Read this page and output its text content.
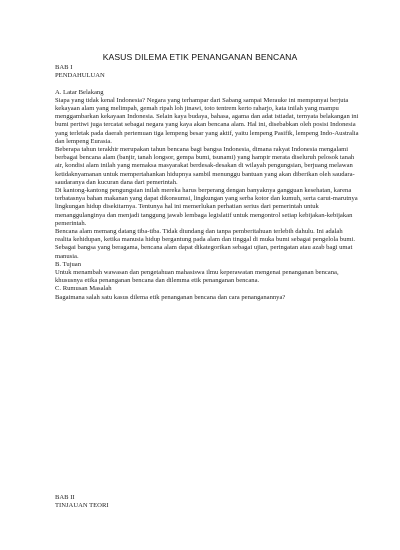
KASUS DILEMA ETIK PENANGANAN BENCANA
BAB I
PENDAHULUAN
A. Latar Belakang
Siapa yang tidak kenal Indonesia? Negara yang terhampar dari Sabang sampai Merauke ini mempunyai berjuta kekayaan alam yang melimpah, gemah ripah loh jinawi, toto tentrem kerto raharjo, kata inilah yang mampu menggambarkan kekayaan Indonesia. Selain kaya budaya, bahasa, agama dan adat istiadat, ternyata belakangan ini bumi pertiwi juga tercatat sebagai negara yang kaya akan bencana alam. Hal ini, disebabkan oleh posisi Indonesia yang terletak pada daerah pertemuan tiga lempeng besar yang aktif, yaitu lempeng Pasifik, lempeng Indo-Australia dan lempeng Eurasia.
Beberapa tahun terakhir merupakan tahun bencana bagi bangsa Indonesia, dimana rakyat Indonesia mengalami berbagai bencana alam (banjir, tanah longsor, gempa bumi, tsunami) yang hampir merata diseluruh pelosok tanah air, kondisi alam inilah yang memaksa masyarakat berdesak-desakan di wilayah pengungsian, berjuang melawan ketidaknyamanan untuk mempertahankan hidupnya sambil menunggu bantuan yang akan diberikan oleh saudara-saudaranya dan kucuran dana dari pemerintah.
Di kantong-kantong pengungsian inilah mereka harus berperang dengan banyaknya gangguan kesehatan, karena terbatasnya bahan makanan yang dapat dikonsumsi, lingkungan yang serba kotor dan kumuh, serta carut-marutnya lingkungan hidup disekitarnya. Tentunya hal ini memerlukan perhatian serius dari pemerintah untuk menanggulanginya dan menjadi tanggung jawab lembaga legislatif untuk mengontrol setiap kebijakan-kebijakan pemerintah.
Bencana alam memang datang tiba-tiba. Tidak diundang dan tanpa pemberitahuan terlebih dahulu. Ini adalah realita kehidupan, ketika manusia hidup bergantung pada alam dan tinggal di muka bumi sebagai pengelola bumi. Sebagai bangsa yang beragama, bencana alam dapat dikategorikan sebagai ujian, peringatan atau azab bagi umat manusia.
B. Tujuan
Untuk menambah wawasan dan pengetahuan mahasiswa ilmu keperawatan mengenai penanganan bencana, khususnya etika penanganan bencana dan dilemma etik penanganan bencana.
C. Rumusan Masalah
Bagaimana salah satu kasus dilema etik penanganan bencana dan cara penanganannya?
BAB II
TINJAUAN TEORI
